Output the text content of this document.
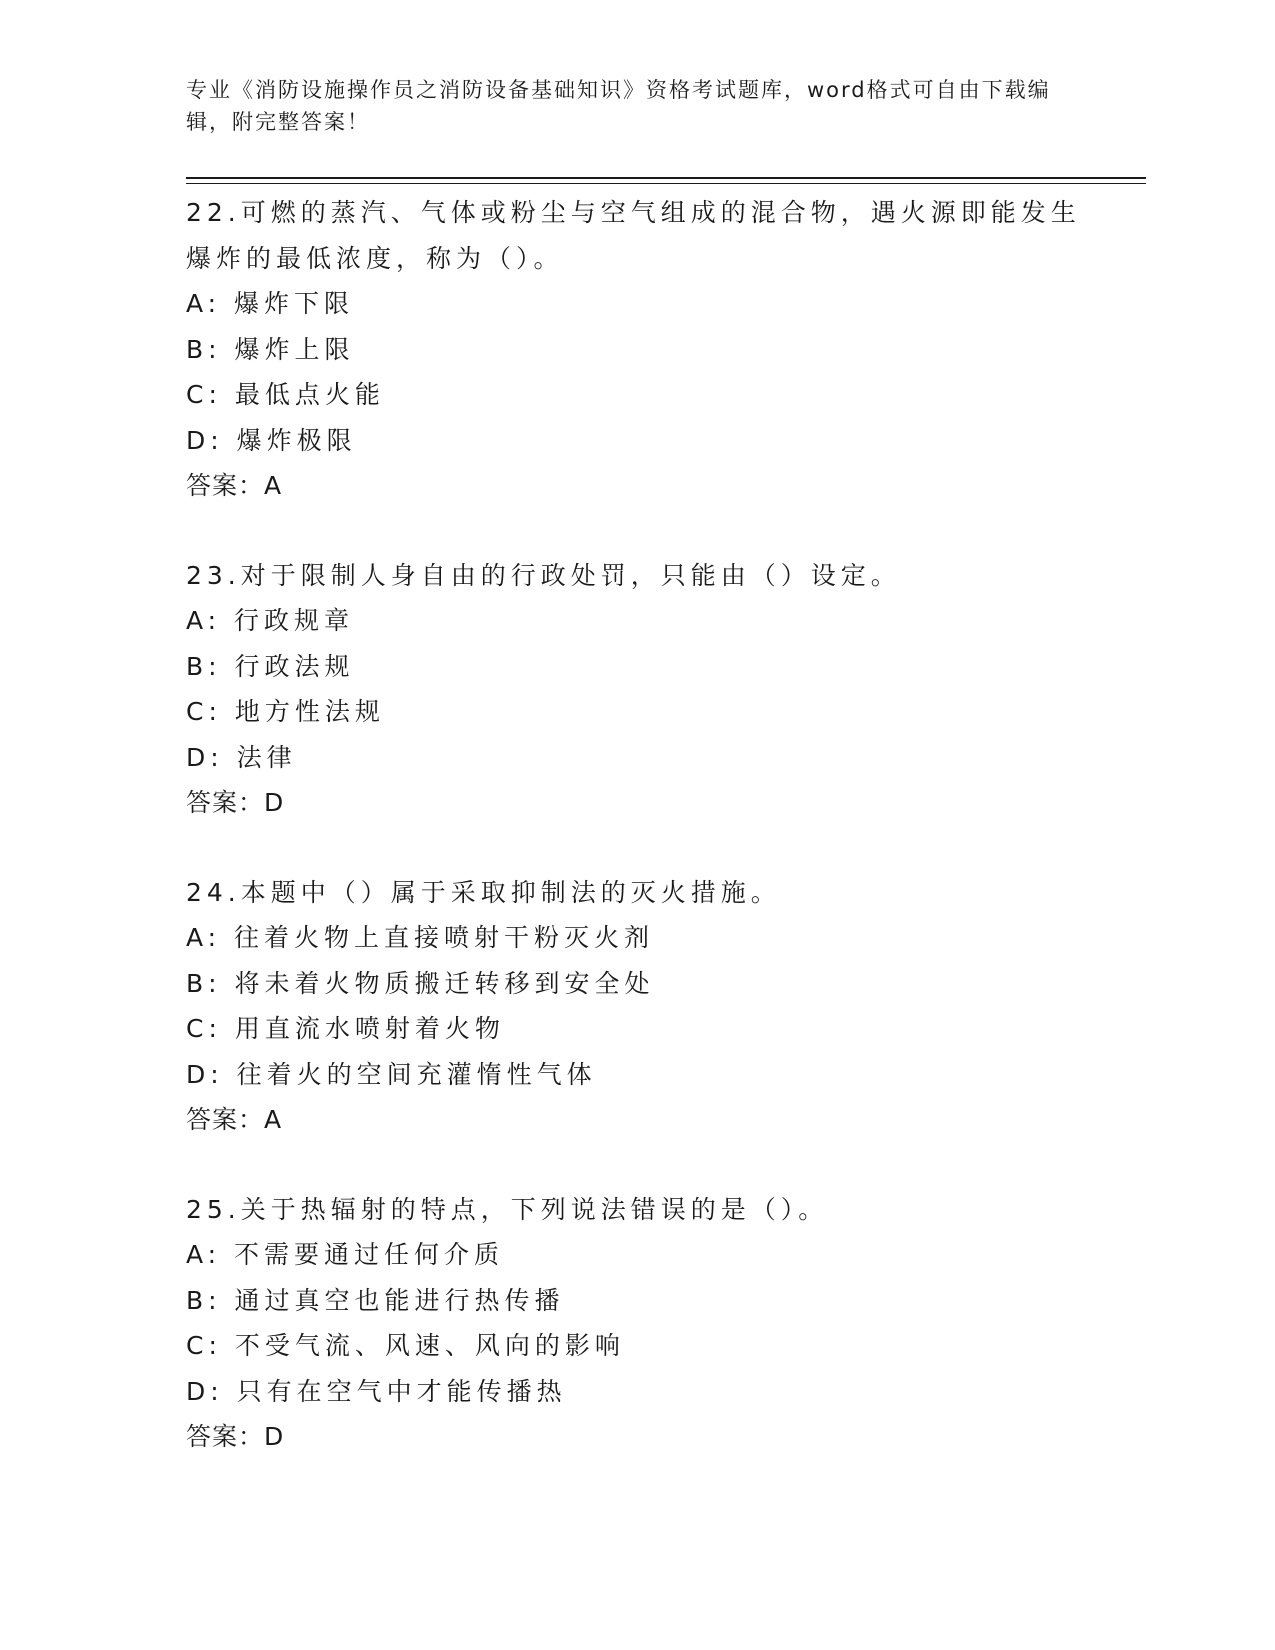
专业《消防设施操作员之消防设备基础知识》资格考试题库，word格式可自由下载编辑，附完整答案！

22.可燃的蒸汽、气体或粉尘与空气组成的混合物，遇火源即能发生爆炸的最低浓度，称为（）。

A: 爆炸下限

B: 爆炸上限

C: 最低点火能

D: 爆炸极限

答案：A

23.对于限制人身自由的行政处罚，只能由（）设定。

A: 行政规章

B: 行政法规

C: 地方性法规

D: 法律

答案：D

24.本题中（）属于采取抑制法的灭火措施。

A: 往着火物上直接喷射干粉灭火剂

B: 将未着火物质搬迁转移到安全处

C: 用直流水喷射着火物

D: 往着火的空间充灌惰性气体

答案：A

25.关于热辐射的特点，下列说法错误的是（）。

A: 不需要通过任何介质

B: 通过真空也能进行热传播

C: 不受气流、风速、风向的影响

D: 只有在空气中才能传播热

答案：D
